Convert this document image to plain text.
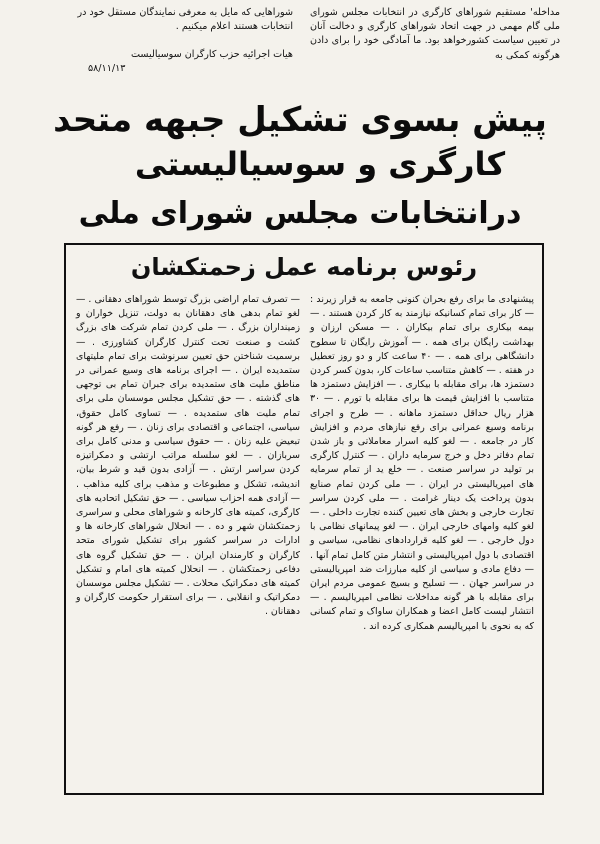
مداخله' مستقیم شوراهای کارگری در انتخابات مجلس شورای ملی گام مهمی در جهت اتحاد شوراهای کارگری و دخالت آنان در تعیین سیاست کشورخواهد بود. ما آمادگی خود را برای دادن هرگونه کمکی به
شوراهایی که مایل به معرفی نمایندگان مستقل خود در انتخابات هستند اعلام میکنیم .
هیات اجرائیه حزب کارگران سوسیالیست
۵۸/۱۱/۱۳
پیش بسوی تشکیل جبهه متحد
کارگری و سوسیالیستی
درانتخابات مجلس شورای ملی
رئوس برنامه عمل زحمتکشان

پیشنهادی ما برای رفع بحران کنونی جامعه به قرار زیرند : — کار برای تمام کسانیکه نیازمند به کار کردن هستند . — بیمه بیکاری برای تمام بیکاران . — مسکن ارزان و بهداشت رایگان برای همه . — آموزش رایگان تا سطوح دانشگاهی برای همه . — ۴۰ ساعت کار و دو روز تعطیل در هفته . — کاهش متناسب ساعات کار، بدون کسر کردن دستمزد ها، برای مقابله با بیکاری . — افزایش دستمزد ها متناسب با افزایش قیمت ها برای مقابله با تورم . — ۳۰ هزار ریال حداقل دستمزد ماهانه . — طرح و اجرای برنامه وسیع عمرانی برای رفع نیازهای مردم و افزایش کار در جامعه . — لغو کلیه اسرار معاملاتی و باز شدن تمام دفاتر دخل و خرج سرمایه داران . — کنترل کارگری بر تولید در سراسر صنعت . — خلع ید از تمام سرمایه های امپریالیستی در ایران . — ملی کردن تمام صنایع بدون پرداخت یک دینار غرامت . — ملی کردن سراسر تجارت خارجی و بخش های تعیین کننده تجارت داخلی . — لغو کلیه وامهای خارجی ایران . — لغو پیمانهای نظامی با دول خارجی . — لغو کلیه قراردادهای نظامی، سیاسی و اقتصادی با دول امپریالیستی و انتشار متن کامل تمام آنها . — دفاع مادی و سیاسی از کلیه مبارزات ضد امپریالیستی در سراسر جهان . — تسلیح و بسیج عمومی مردم ایران برای مقابله با هر گونه مداخلات نظامی امپریالیسم . — انتشار لیست کامل اعضا و همکاران ساواک و تمام کسانی که به نحوی با امپریالیسم همکاری کرده اند .

— تصرف تمام اراضی بزرگ توسط شوراهای دهقانی . — لغو تمام بدهی های دهقانان به دولت، تنزیل خواران و زمینداران بزرگ . — ملی کردن تمام شرکت های بزرگ کشت و صنعت تحت کنترل کارگران کشاورزی . — برسمیت شناختن حق تعیین سرنوشت برای تمام ملیتهای ستمدیده ایران . — اجرای برنامه های وسیع عمرانی در مناطق ملیت های ستمدیده برای جبران تمام بی توجهی های گذشته . — حق تشکیل مجلس موسسان ملی برای تمام ملیت های ستمدیده . — تساوی کامل حقوق، سیاسی، اجتماعی و اقتصادی برای زنان . — رفع هر گونه تبعیض علیه زنان . — حقوق سیاسی و مدنی کامل برای سربازان . — لغو سلسله مراتب ارتشی و دمکراتیزه کردن سراسر ارتش . — آزادی بدون قید و شرط بیان، اندیشه، تشکل و مطبوعات و مذهب برای کلیه مذاهب . — آزادی همه احزاب سیاسی . — حق تشکیل اتحادیه های کارگری، کمیته های کارخانه و شوراهای محلی و سراسری زحمتکشان شهر و ده . — انحلال شوراهای کارخانه ها و ادارات در سراسر کشور برای تشکیل شورای متحد کارگران و کارمندان ایران . — حق تشکیل گروه های دفاعی زحمتکشان . — انحلال کمیته های امام و تشکیل کمیته های دمکراتیک محلات . — تشکیل مجلس موسسان دمکراتیک و انقلابی . — برای استقرار حکومت کارگران و دهقانان .
